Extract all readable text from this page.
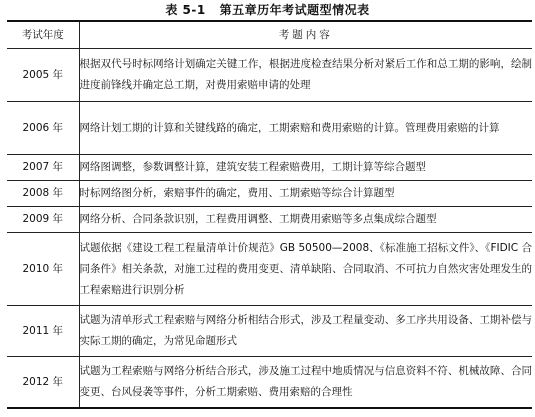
表 5-1 第五章历年考试题型情况表
考试年度	考题内容
2005 年	根据双代号时标网络计划确定关键工作，根据进度检查结果分析对紧后工作和总工期的影响，绘制进度前锋线并确定总工期，对费用索赔申请的处理
2006 年	网络计划工期的计算和关键线路的确定，工期索赔和费用索赔的计算。管理费用索赔的计算
2007 年	网络图调整，参数调整计算，建筑安装工程索赔费用，工期计算等综合题型
2008 年	时标网络图分析，索赔事件的确定，费用、工期索赔等综合计算题型
2009 年	网络分析、合同条款识别，工程费用调整、工期费用索赔等多点集成综合题型
2010 年	试题依据《建设工程工程量清单计价规范》GB 50500—2008、《标准施工招标文件》、《FIDIC 合同条件》相关条款，对施工过程的费用变更、清单缺陷、合同取消、不可抗力自然灾害处理发生的工程索赔进行识别分析
2011 年	试题为清单形式工程索赔与网络分析相结合形式，涉及工程量变动、多工序共用设备、工期补偿与实际工期的确定，为常见命题形式
2012 年	试题为工程索赔与网络分析结合形式，涉及施工过程中地质情况与信息资料不符、机械故障、合同变更、台风侵袭等事件，分析工期索赔、费用索赔的合理性
